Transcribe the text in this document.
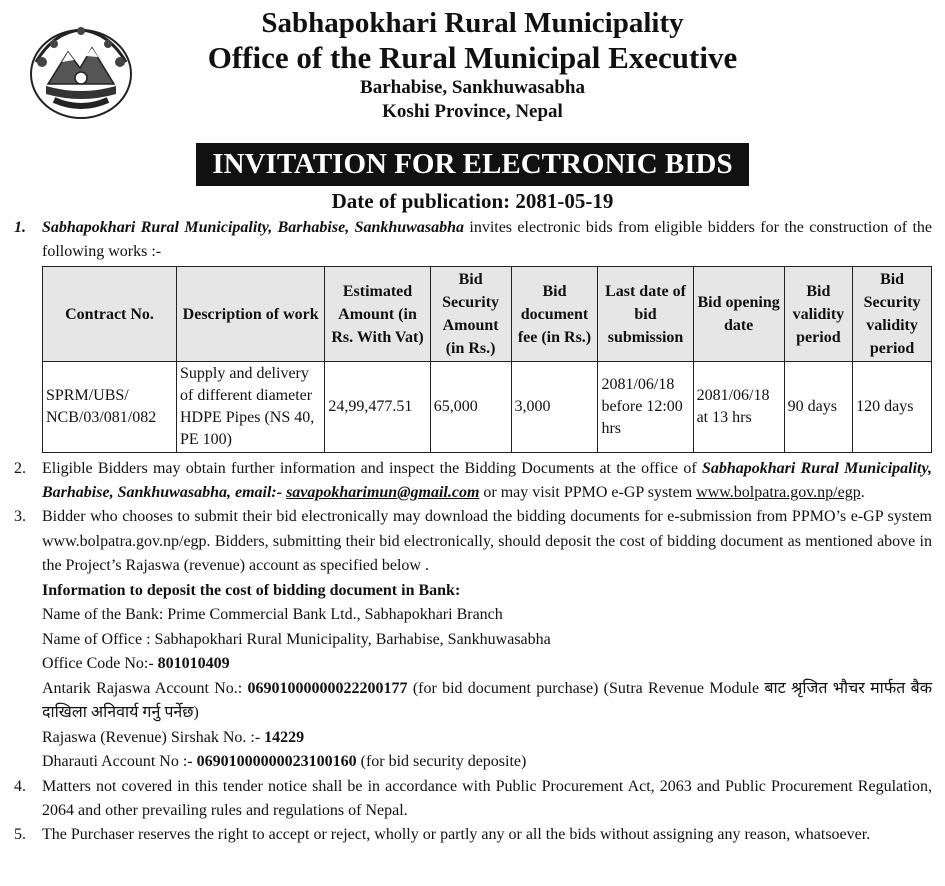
Sabhapokhari Rural Municipality
Office of the Rural Municipal Executive
Barhabise, Sankhuwasabha
Koshi Province, Nepal
INVITATION FOR ELECTRONIC BIDS
Date of publication: 2081-05-19
1.	Sabhapokhari Rural Municipality, Barhabise, Sankhuwasabha invites electronic bids from eligible bidders for the construction of the following works :-
Contract No.	Description of work	Estimated Amount (in Rs. With Vat)	Bid Security Amount (in Rs.)	Bid document fee (in Rs.)	Last date of bid submission	Bid opening date	Bid validity period	Bid Security validity period
SPRM/UBS/ NCB/03/081/082	Supply and delivery of different diameter HDPE Pipes (NS 40, PE 100)	24,99,477.51	65,000	3,000	2081/06/18 before 12:00 hrs	2081/06/18 at 13 hrs	90 days	120 days
2.	Eligible Bidders may obtain further information and inspect the Bidding Documents at the office of Sabhapokhari Rural Municipality, Barhabise, Sankhuwasabha, email:- savapokharimun@gmail.com or may visit PPMO e-GP system www.bolpatra.gov.np/egp.
3.	Bidder who chooses to submit their bid electronically may download the bidding documents for e-submission from PPMO’s e-GP system www.bolpatra.gov.np/egp. Bidders, submitting their bid electronically, should deposit the cost of bidding document as mentioned above in the Project’s Rajaswa (revenue) account as specified below .

Information to deposit the cost of bidding document in Bank:

Name of the Bank: Prime Commercial Bank Ltd., Sabhapokhari Branch

Name of Office : Sabhapokhari Rural Municipality, Barhabise, Sankhuwasabha

Office Code No:- 801010409

Antarik Rajaswa Account No.: 06901000000022200177 (for bid document purchase) (Sutra Revenue Module बाट श्रृजित भौचर मार्फत बैक दाखिला अनिवार्य गर्नु पर्नेछ)

Rajaswa (Revenue) Sirshak No. :- 14229

Dharauti Account No :- 06901000000023100160 (for bid security deposite)

4.	Matters not covered in this tender notice shall be in accordance with Public Procurement Act, 2063 and Public Procurement Regulation, 2064 and other prevailing rules and regulations of Nepal.
5.	The Purchaser reserves the right to accept or reject, wholly or partly any or all the bids without assigning any reason, whatsoever.
